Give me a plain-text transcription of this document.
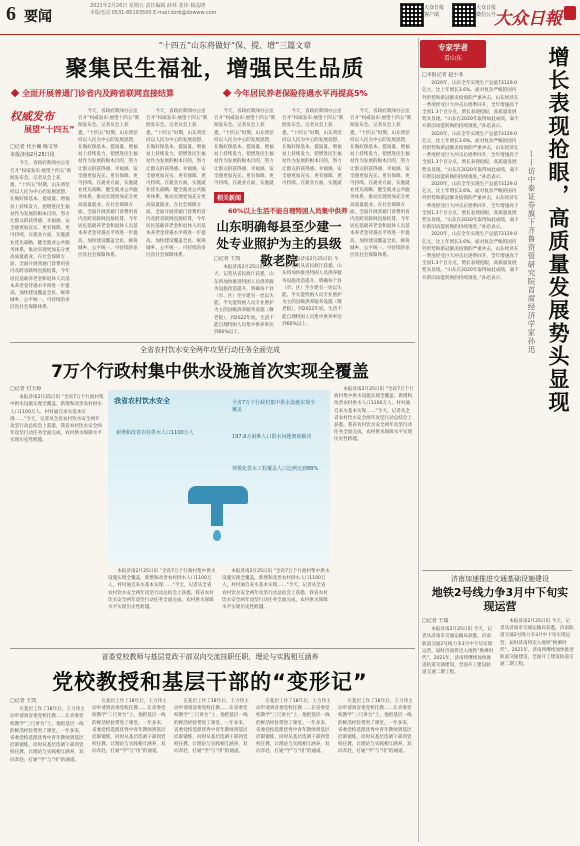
6 要闻
2021年2月26日 星期五 责任编辑 薛林 张伟 杨晶晓
本版电话 0531-85193500 E-mail:dzrb@dzwww.com
大众日报 客户端
大众日报 微信公号
大众日報
“十四五”山东将做好“保、提、增”三篇文章
聚集民生福祉，增强民生品质
全面开展普通门诊省内及跨省联网直接结算	今年居民养老保险待遇水平再提高5%
权威发布
展望“十四五”
□记者 代小佩 杨文琴
本报济南2月25日讯

今天，省政府新闻办公室召开“权威发布·展望十四五”新闻发布会。记者从会上获悉，“十四五”时期，山东将坚持以人民为中心的发展思想，在做好保基本、提质量、增福祉上持续发力，把增进民生福祉作为发展的根本目的，努力让群众的获得感、幸福感、安全感更加充实、更有保障、更可持续。在就业方面，实施就业优先战略，健全就业公共服务体系，推动实现更加充分更高质量就业。在社会保障方面，全面开展普通门诊费用省内及跨省联网直接结算，今年居民基础养老金和退休人员基本养老金待遇水平将进一步提高。加快建设覆盖全民、统筹城乡、公平统一、可持续的多层次社会保障体系。

今天，省政府新闻办公室召开“权威发布·展望十四五”新闻发布会。记者从会上获悉，“十四五”时期，山东将坚持以人民为中心的发展思想，在做好保基本、提质量、增福祉上持续发力，把增进民生福祉作为发展的根本目的，努力让群众的获得感、幸福感、安全感更加充实、更有保障、更可持续。在就业方面，实施就业优先战略，健全就业公共服务体系，推动实现更加充分更高质量就业。在社会保障方面，全面开展普通门诊费用省内及跨省联网直接结算，今年居民基础养老金和退休人员基本养老金待遇水平将进一步提高。加快建设覆盖全民、统筹城乡、公平统一、可持续的多层次社会保障体系。

今天，省政府新闻办公室召开“权威发布·展望十四五”新闻发布会。记者从会上获悉，“十四五”时期，山东将坚持以人民为中心的发展思想，在做好保基本、提质量、增福祉上持续发力，把增进民生福祉作为发展的根本目的，努力让群众的获得感、幸福感、安全感更加充实、更有保障、更可持续。在就业方面，实施就业优先战略，健全就业公共服务体系，推动实现更加充分更高质量就业。在社会保障方面，全面开展普通门诊费用省内及跨省联网直接结算，今年居民基础养老金和退休人员基本养老金待遇水平将进一步提高。加快建设覆盖全民、统筹城乡、公平统一、可持续的多层次社会保障体系。

今天，省政府新闻办公室召开“权威发布·展望十四五”新闻发布会。记者从会上获悉，“十四五”时期，山东将坚持以人民为中心的发展思想，在做好保基本、提质量、增福祉上持续发力，把增进民生福祉作为发展的根本目的，努力让群众的获得感、幸福感、安全感更加充实、更有保障、更可持续。在就业方面，实施就

今天，省政府新闻办公室召开“权威发布·展望十四五”新闻发布会。记者从会上获悉，“十四五”时期，山东将坚持以人民为中心的发展思想，在做好保基本、提质量、增福祉上持续发力，把增进民生福祉作为发展的根本目的，努力让群众的获得感、幸福感、安全感更加充实、更有保障、更可持续。在就业方面，实施就

今天，省政府新闻办公室召开“权威发布·展望十四五”新闻发布会。记者从会上获悉，“十四五”时期，山东将坚持以人民为中心的发展思想，在做好保基本、提质量、增福祉上持续发力，把增进民生福祉作为发展的根本目的，努力让群众的获得感、幸福感、安全感更加充实、更有保障、更可持续。在就业方面，实施就业优先战略，健全就业公共服务体系，推动实现更加充分更高质量就业。在社会保障方面，全面开展普通门诊费用省内及跨省联网直接结算，今年居民基础养老金和退休人员基本养老金待遇水平将进一步提高。加快建设覆盖全民、统筹城乡、公平统一、可持续的多层次社会保障体系。

相关新闻
60%以上生活不能自理特困人员集中供养
山东明确每县至少建一处专业照护为主的县级敬老院
□记者 王凯

本报济南2月25日讯 今天，记者从省民政厅获悉，山东将加快推进特困人员供养服务设施改造提升，明确每个县（市、区）至少建有一处以失能、半失能特困人员专业照护为主的县级供养服务设施（敬老院），到2022年底，生活不能自理特困人员集中供养率达到60%以上。

本报济南2月25日讯 今天，记者从省民政厅获悉，山东将加快推进特困人员供养服务设施改造提升，明确每个县（市、区）至少建有一处以失能、半失能特困人员专业照护为主的县级供养服务设施（敬老院），到2022年底，生活不能自理特困人员集中供养率达到60%以上。

全省农村饮水安全两年攻坚行动任务全面完成
7万个行政村集中供水设施首次实现全覆盖
□记者 付玉婷

本报济南2月25日讯 “全省7万个行政村集中供水设施实现全覆盖，新增和改善农村供水人口1100万人，村村通自来水基本实现……”今天，记者从全省农村饮水安全两年攻坚行动总结会上获悉，我省农村饮水安全两年攻坚行动任务全面完成，农村供水保障水平实现历史性跨越。

本报济南2月25日讯 “全省7万个行政村集中供水设施实现全覆盖，新增和改善农村供水人口1100万人，村村通自来水基本实现……”今天，记者从全省农村饮水安全两年攻坚行动总结会上获悉，我省农村饮水安全两年攻坚行动任务全面完成，农村供水保障水平实现历史性跨越。

本报济南2月25日讯 “全省7万个行政村集中供水设施实现全覆盖，新增和改善农村供水人口1100万人，村村通自来水基本实现……”今天，记者从全省农村饮水安全两年攻坚行动总结会上获悉，我省农村饮水安全两年攻坚行动任务全面完成，农村供水保障水平实现历史性跨越。

本报济南2月25日讯 “全省7万个行政村集中供水设施实现全覆盖，新增和改善农村供水人口1100万人，村村通自来水基本实现……”今天，记者从全省农村饮水安全两年攻坚行动总结会上获悉，我省农村饮水安全两年攻坚行动任务全面完成，农村供水保障水平实现历史性跨越。

我省农村饮水安全	全省7万个行政村集中供水设施实现全覆盖
新增和改善农村供水人口1100万人
197.9万困难人口供水问题彻底解决
规模化供水工程覆盖人口比例达到88%
省委党校教师与基层党政干部双向交流挂职任职，理论与实践相互涵养
党校教授和基层干部的“变形记”
□记者 王凯

在基层工作了18年后，王力伟主动申请到省委党校任教……在省委党校教学“三尺讲台”上，他把基层一线的鲜活经验带进了课堂。一年多来，省委党校选派优秀中青年教师到基层挂职锻炼，同时从基层选调干部到党校任教，让理论与实践相互涵养，双向奔赴，打通“学”与“用”的通道。

在基层工作了18年后，王力伟主动申请到省委党校任教……在省委党校教学“三尺讲台”上，他把基层一线的鲜活经验带进了课堂。一年多来，省委党校选派优秀中青年教师到基层挂职锻炼，同时从基层选调干部到党校任教，让理论与实践相互涵养，双向奔赴，打通“学”与“用”的通道。

在基层工作了18年后，王力伟主动申请到省委党校任教……在省委党校教学“三尺讲台”上，他把基层一线的鲜活经验带进了课堂。一年多来，省委党校选派优秀中青年教师到基层挂职锻炼，同时从基层选调干部到党校任教，让理论与实践相互涵养，双向奔赴，打通“学”与“用”的通道。

在基层工作了18年后，王力伟主动申请到省委党校任教……在省委党校教学“三尺讲台”上，他把基层一线的鲜活经验带进了课堂。一年多来，省委党校选派优秀中青年教师到基层挂职锻炼，同时从基层选调干部到党校任教，让理论与实践相互涵养，双向奔赴，打通“学”与“用”的通道。

在基层工作了18年后，王力伟主动申请到省委党校任教……在省委党校教学“三尺讲台”上，他把基层一线的鲜活经验带进了课堂。一年多来，省委党校选派优秀中青年教师到基层挂职锻炼，同时从基层选调干部到党校任教，让理论与实践相互涵养，双向奔赴，打通“学”与“用”的通道。

专家学者
看山东	增长表现抢眼，高质量发展势头显现
——访中泰证券旗下齐鲁资管研究院首席经济学家孙迅
□本报记者 赵小菲

2020年，山东全年实现生产总值73129.0亿元，比上年增长3.6%。面对复杂严峻的国内外形势和新冠肺炎疫情的严重冲击，山东经济在一季度经受巨大冲击后逐季回升，全年增速高于全国1.3个百分点，增长表现抢眼，高质量发展势头显现。“山东在2020年取得如此成绩，离不开新旧动能转换的持续推进。”孙迅表示。

2020年，山东全年实现生产总值73129.0亿元，比上年增长3.6%。面对复杂严峻的国内外形势和新冠肺炎疫情的严重冲击，山东经济在一季度经受巨大冲击后逐季回升，全年增速高于全国1.3个百分点，增长表现抢眼，高质量发展势头显现。“山东在2020年取得如此成绩，离不开新旧动能转换的持续推进。”孙迅表示。

2020年，山东全年实现生产总值73129.0亿元，比上年增长3.6%。面对复杂严峻的国内外形势和新冠肺炎疫情的严重冲击，山东经济在一季度经受巨大冲击后逐季回升，全年增速高于全国1.3个百分点，增长表现抢眼，高质量发展势头显现。“山东在2020年取得如此成绩，离不开新旧动能转换的持续推进。”孙迅表示。

2020年，山东全年实现生产总值73129.0亿元，比上年增长3.6%。面对复杂严峻的国内外形势和新冠肺炎疫情的严重冲击，山东经济在一季度经受巨大冲击后逐季回升，全年增速高于全国1.3个百分点，增长表现抢眼，高质量发展势头显现。“山东在2020年取得如此成绩，离不开新旧动能转换的持续推进。”孙迅表示。

济南加速推进交通基础设施建设
地铁2号线力争3月中下旬实现运营
□记者 王瑞

本报济南2月25日讯 今天，记者从济南市交通运输局获悉，济南轨道交通2号线力争3月中下旬实现运营，届时济南将迈入地铁“换乘时代”。2021年，济南将继续加快推进轨道交通建设，全面开工建设轨道交通二期工程。

本报济南2月25日讯 今天，记者从济南市交通运输局获悉，济南轨道交通2号线力争3月中下旬实现运营，届时济南将迈入地铁“换乘时代”。2021年，济南将继续加快推进轨道交通建设，全面开工建设轨道交通二期工程。
